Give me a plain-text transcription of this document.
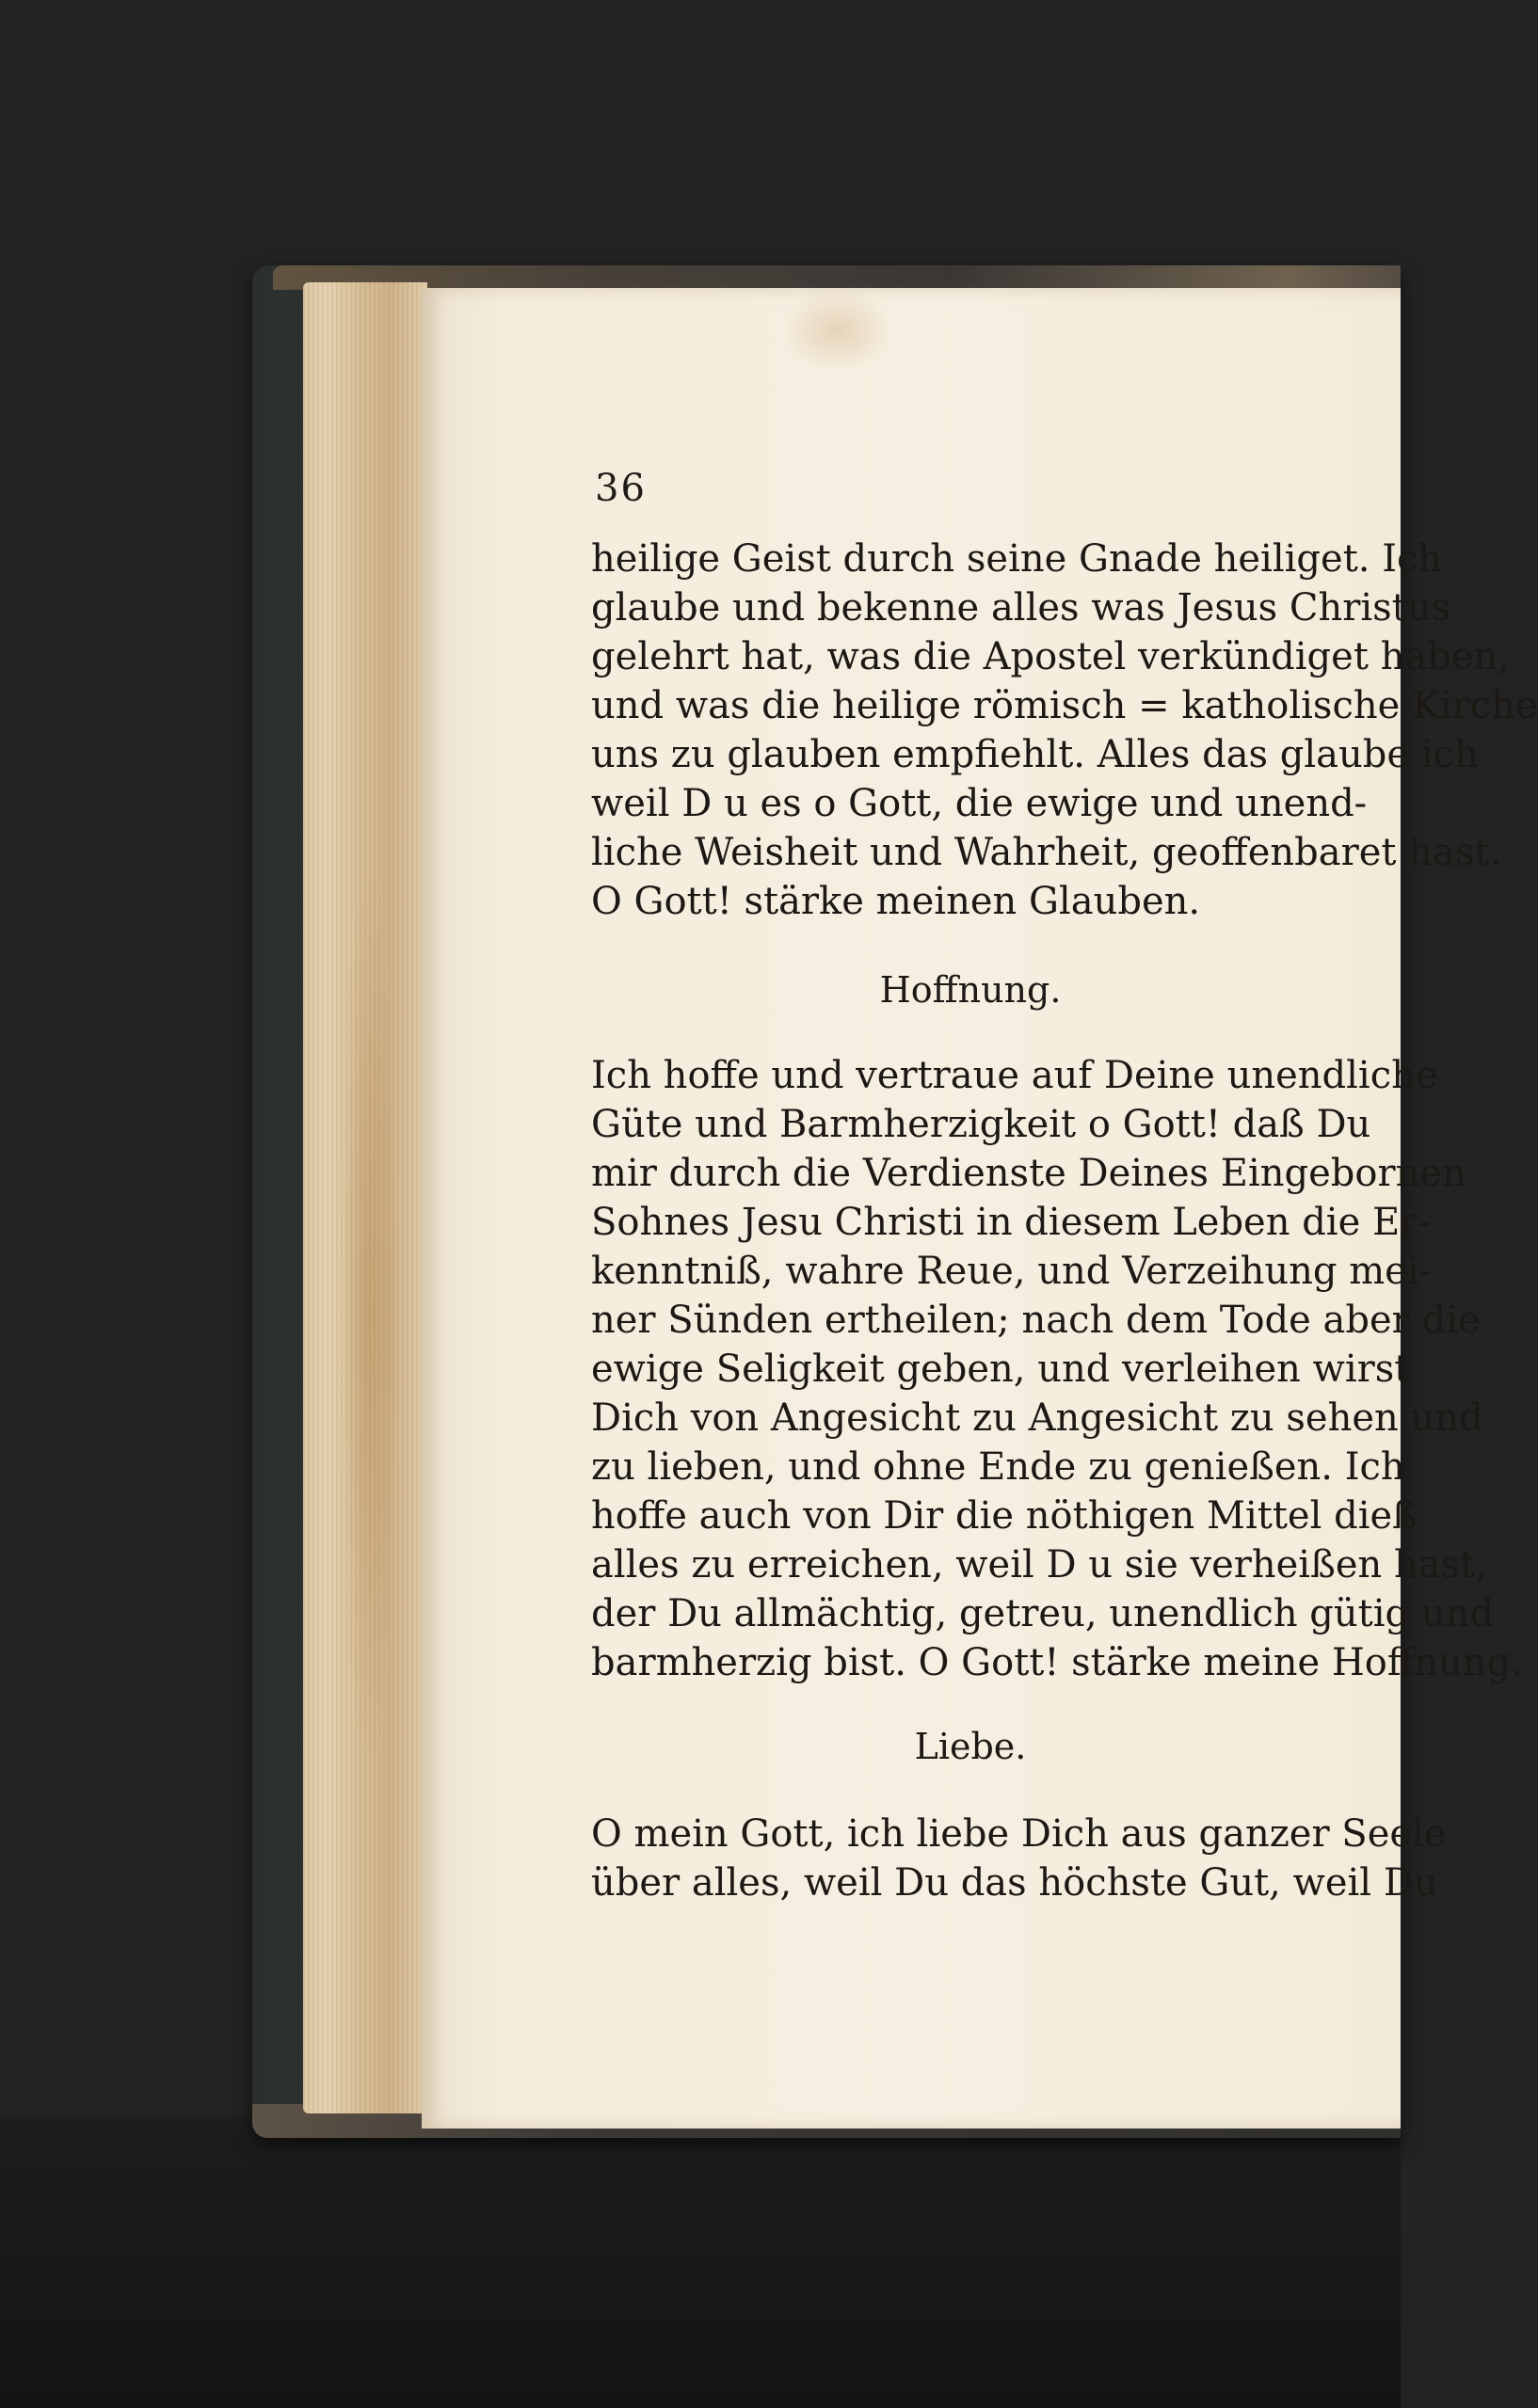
36
heilige Geist durch seine Gnade heiliget. Ich
glaube und bekenne alles was Jesus Christus
gelehrt hat, was die Apostel verkündiget haben,
und was die heilige römisch = katholische Kirche
uns zu glauben empfiehlt. Alles das glaube ich
weil D u es o Gott, die ewige und unend-
liche Weisheit und Wahrheit, geoffenbaret hast.
O Gott! stärke meinen Glauben.
Hoffnung.
Ich hoffe und vertraue auf Deine unendliche
Güte und Barmherzigkeit o Gott! daß Du
mir durch die Verdienste Deines Eingebornen
Sohnes Jesu Christi in diesem Leben die Er-
kenntniß, wahre Reue, und Verzeihung mei-
ner Sünden ertheilen; nach dem Tode aber die
ewige Seligkeit geben, und verleihen wirst
Dich von Angesicht zu Angesicht zu sehen und
zu lieben, und ohne Ende zu genießen. Ich
hoffe auch von Dir die nöthigen Mittel dieß
alles zu erreichen, weil D u sie verheißen hast,
der Du allmächtig, getreu, unendlich gütig und
barmherzig bist. O Gott! stärke meine Hoffnung.
Liebe.
O mein Gott, ich liebe Dich aus ganzer Seele
über alles, weil Du das höchste Gut, weil Du
